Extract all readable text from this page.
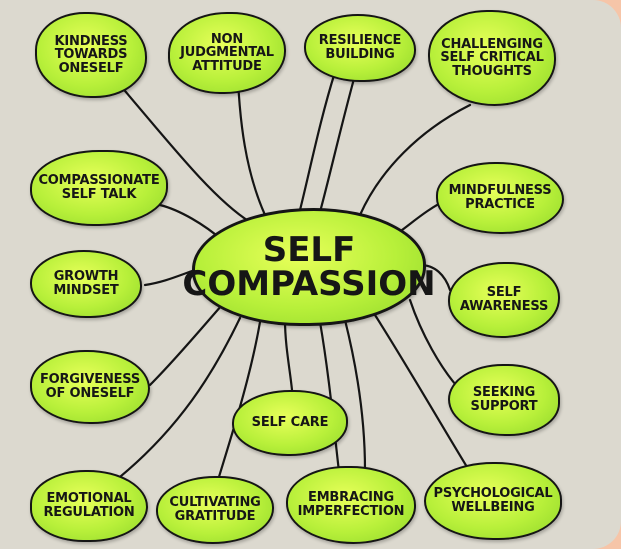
KINDNESS
TOWARDS
ONESELF
NON
JUDGMENTAL
ATTITUDE
RESILIENCE
BUILDING
CHALLENGING
SELF CRITICAL
THOUGHTS
COMPASSIONATE
SELF TALK	MINDFULNESS
PRACTICE
SELF
COMPASSION
GROWTH
MINDSET	SELF
AWARENESS
FORGIVENESS
OF ONESELF	SEEKING
SUPPORT
SELF CARE
EMOTIONAL
REGULATION
CULTIVATING
GRATITUDE
EMBRACING
IMPERFECTION
PSYCHOLOGICAL
WELLBEING
